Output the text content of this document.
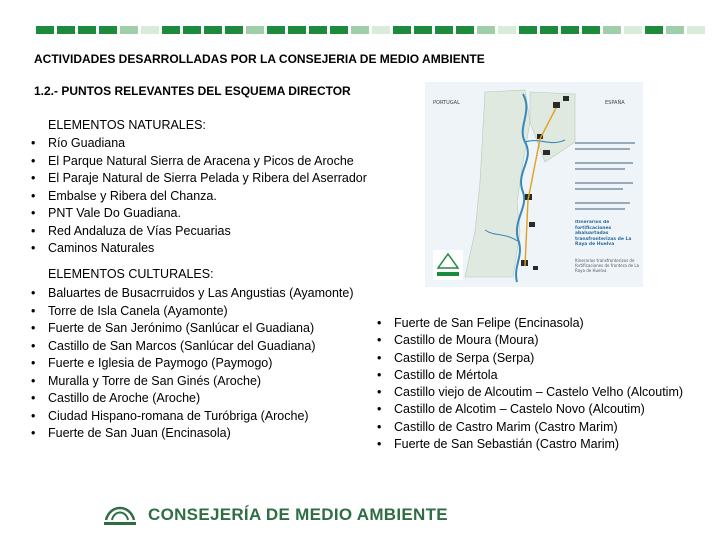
ACTIVIDADES DESARROLLADAS POR LA CONSEJERIA DE MEDIO AMBIENTE
1.2.- PUNTOS RELEVANTES DEL ESQUEMA DIRECTOR
ELEMENTOS NATURALES:
• Río Guadiana
• El Parque Natural Sierra de Aracena y Picos de Aroche
• El Paraje Natural de Sierra Pelada y Ribera del Aserrador
• Embalse y Ribera del Chanza.
• PNT Vale Do Guadiana.
• Red Andaluza de Vías Pecuarias
• Caminos Naturales
ELEMENTOS CULTURALES:
• Baluartes de Busacrruidos y Las Angustias (Ayamonte)
• Torre de Isla Canela (Ayamonte)
• Fuerte de San Jerónimo (Sanlúcar el Guadiana)
• Castillo de San Marcos (Sanlúcar del Guadiana)
• Fuerte e Iglesia de Paymogo (Paymogo)
• Muralla y Torre de San Ginés (Aroche)
• Castillo de Aroche (Aroche)
• Ciudad Hispano-romana de Turóbriga (Aroche)
• Fuerte de San Juan (Encinasola)
• Fuerte de San Felipe (Encinasola)
• Castillo de Moura (Moura)
• Castillo de Serpa (Serpa)
• Castillo de Mértola
• Castillo viejo de Alcoutim – Castelo Velho (Alcoutim)
• Castillo de Alcotim – Castelo Novo (Alcoutim)
• Castillo de Castro Marim (Castro Marim)
• Fuerte de San Sebastián (Castro Marim)
PORTUGAL	ESPAÑA
Itinerarios de fortificaciones abaluartadas transfronterizas de La Raya de Huelva
Itinerarios transfronterizos de fortificaciones de frontera de La Raya de Huelva
CONSEJERÍA DE MEDIO AMBIENTE
